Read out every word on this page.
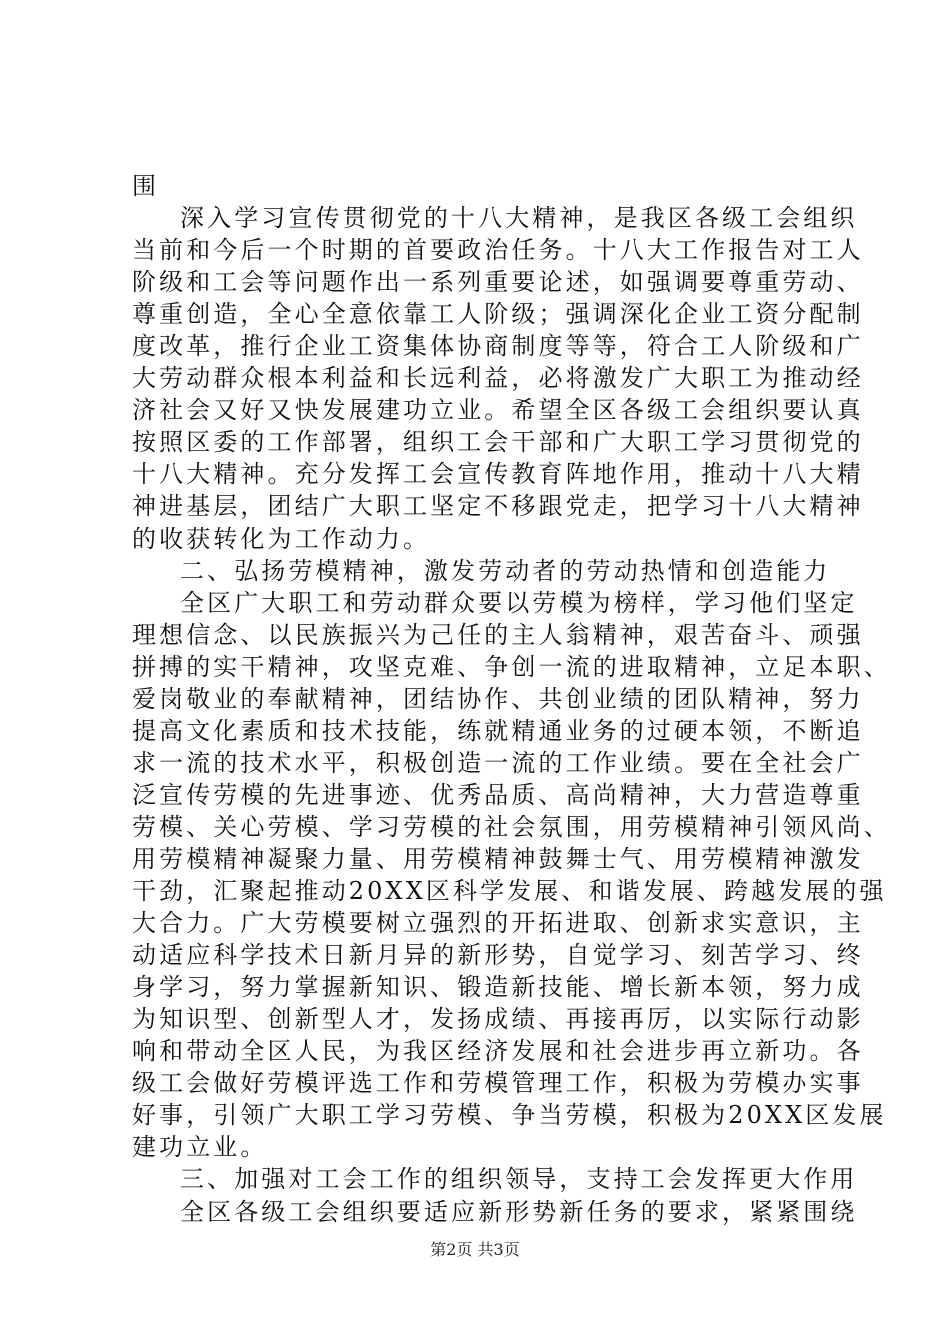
围
深入学习宣传贯彻党的十八大精神，是我区各级工会组织
当前和今后一个时期的首要政治任务。十八大工作报告对工人
阶级和工会等问题作出一系列重要论述，如强调要尊重劳动、
尊重创造，全心全意依靠工人阶级；强调深化企业工资分配制
度改革，推行企业工资集体协商制度等等，符合工人阶级和广
大劳动群众根本利益和长远利益，必将激发广大职工为推动经
济社会又好又快发展建功立业。希望全区各级工会组织要认真
按照区委的工作部署，组织工会干部和广大职工学习贯彻党的
十八大精神。充分发挥工会宣传教育阵地作用，推动十八大精
神进基层，团结广大职工坚定不移跟党走，把学习十八大精神
的收获转化为工作动力。
二、弘扬劳模精神，激发劳动者的劳动热情和创造能力
全区广大职工和劳动群众要以劳模为榜样，学习他们坚定
理想信念、以民族振兴为己任的主人翁精神，艰苦奋斗、顽强
拼搏的实干精神，攻坚克难、争创一流的进取精神，立足本职、
爱岗敬业的奉献精神，团结协作、共创业绩的团队精神，努力
提高文化素质和技术技能，练就精通业务的过硬本领，不断追
求一流的技术水平，积极创造一流的工作业绩。要在全社会广
泛宣传劳模的先进事迹、优秀品质、高尚精神，大力营造尊重
劳模、关心劳模、学习劳模的社会氛围，用劳模精神引领风尚、
用劳模精神凝聚力量、用劳模精神鼓舞士气、用劳模精神激发
干劲，汇聚起推动20XX区科学发展、和谐发展、跨越发展的强
大合力。广大劳模要树立强烈的开拓进取、创新求实意识，主
动适应科学技术日新月异的新形势，自觉学习、刻苦学习、终
身学习，努力掌握新知识、锻造新技能、增长新本领，努力成
为知识型、创新型人才，发扬成绩、再接再厉，以实际行动影
响和带动全区人民，为我区经济发展和社会进步再立新功。各
级工会做好劳模评选工作和劳模管理工作，积极为劳模办实事
好事，引领广大职工学习劳模、争当劳模，积极为20XX区发展
建功立业。
三、加强对工会工作的组织领导，支持工会发挥更大作用
全区各级工会组织要适应新形势新任务的要求，紧紧围绕
第2页 共3页
